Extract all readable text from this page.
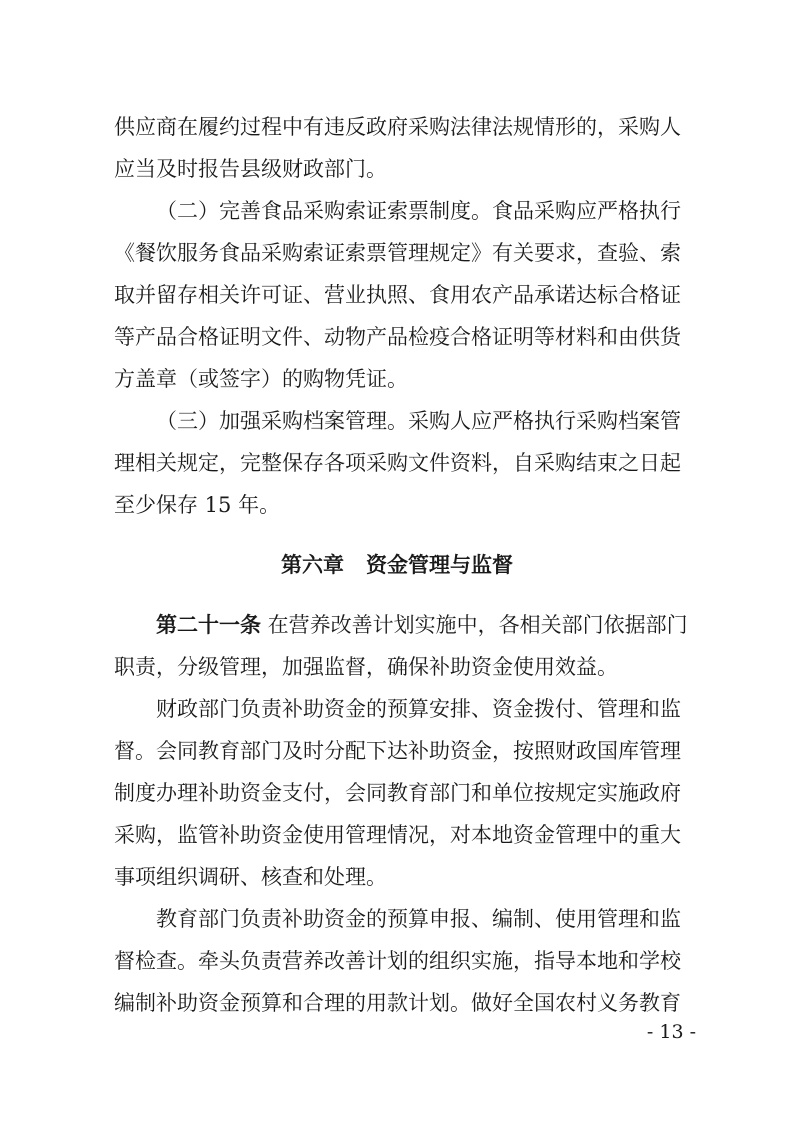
供应商在履约过程中有违反政府采购法律法规情形的，采购人
应当及时报告县级财政部门。
（二）完善食品采购索证索票制度。食品采购应严格执行
《餐饮服务食品采购索证索票管理规定》有关要求，查验、索
取并留存相关许可证、营业执照、食用农产品承诺达标合格证
等产品合格证明文件、动物产品检疫合格证明等材料和由供货
方盖章（或签字）的购物凭证。
（三）加强采购档案管理。采购人应严格执行采购档案管
理相关规定，完整保存各项采购文件资料，自采购结束之日起
至少保存 15 年。
第六章   资金管理与监督
第二十一条 在营养改善计划实施中，各相关部门依据部门
职责，分级管理，加强监督，确保补助资金使用效益。
财政部门负责补助资金的预算安排、资金拨付、管理和监
督。会同教育部门及时分配下达补助资金，按照财政国库管理
制度办理补助资金支付，会同教育部门和单位按规定实施政府
采购，监管补助资金使用管理情况，对本地资金管理中的重大
事项组织调研、核查和处理。
教育部门负责补助资金的预算申报、编制、使用管理和监
督检查。牵头负责营养改善计划的组织实施，指导本地和学校
编制补助资金预算和合理的用款计划。做好全国农村义务教育
- 13 -
